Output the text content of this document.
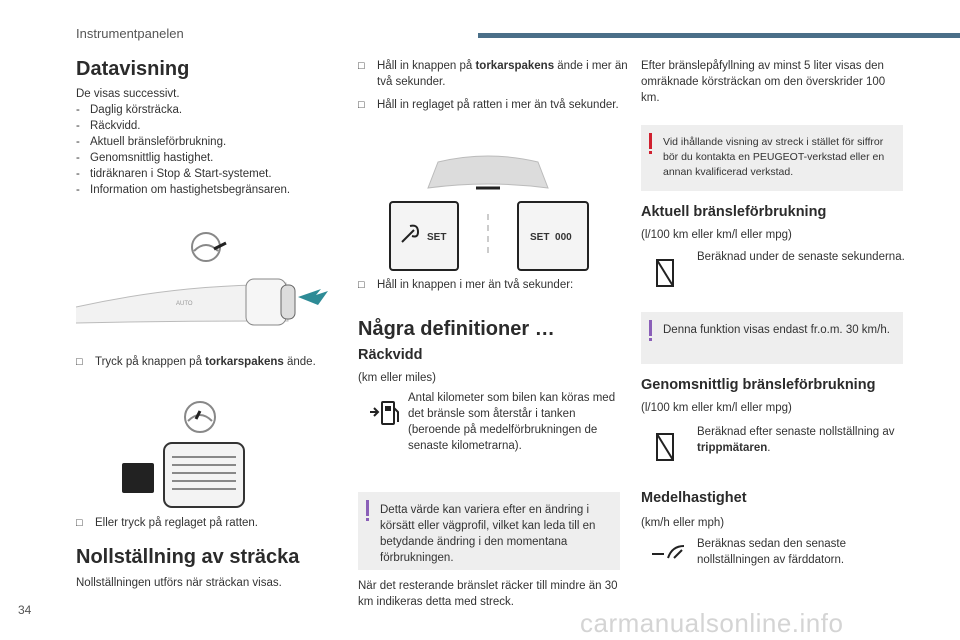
Instrumentpanelen
Datavisning

De visas successivt.

- Daglig körsträcka.
- Räckvidd.
- Aktuell bränsleförbrukning.
- Genomsnittlig hastighet.
- tidräknaren i Stop & Start-systemet.
- Information om hastighetsbegränsaren.
AUTO
□ Tryck på knappen på torkarspakens ände.
□ Eller tryck på reglaget på ratten.
Nollställning av sträcka

Nollställningen utförs när sträckan visas.

□ Håll in knappen på torkarspakens ände i mer än två sekunder.
□ Håll in reglaget på ratten i mer än två sekunder.
SET	SET  000
□ Håll in knappen i mer än två sekunder:
Några definitioner …
Räckvidd

(km eller miles)

Antal kilometer som bilen kan köras med det bränsle som återstår i tanken (beroende på medelförbrukningen de senaste kilometrarna).

Detta värde kan variera efter en ändring i körsätt eller vägprofil, vilket kan leda till en betydande ändring i den momentana förbrukningen.

När det resterande bränslet räcker till mindre än 30 km indikeras detta med streck.

Efter bränslepåfyllning av minst 5 liter visas den omräknade körsträckan om den överskrider 100 km.

Vid ihållande visning av streck i stället för siffror bör du kontakta en PEUGEOT-verkstad eller en annan kvalificerad verkstad.

Aktuell bränsleförbrukning

(l/100 km eller km/l eller mpg)

Beräknad under de senaste sekunderna.

Denna funktion visas endast fr.o.m. 30 km/h.

Genomsnittlig bränsleförbrukning

(l/100 km eller km/l eller mpg)

Beräknad efter senaste nollställning av trippmätaren.

Medelhastighet

(km/h eller mph)

Beräknas sedan den senaste nollställningen av färddatorn.

34	carmanualsonline.info
